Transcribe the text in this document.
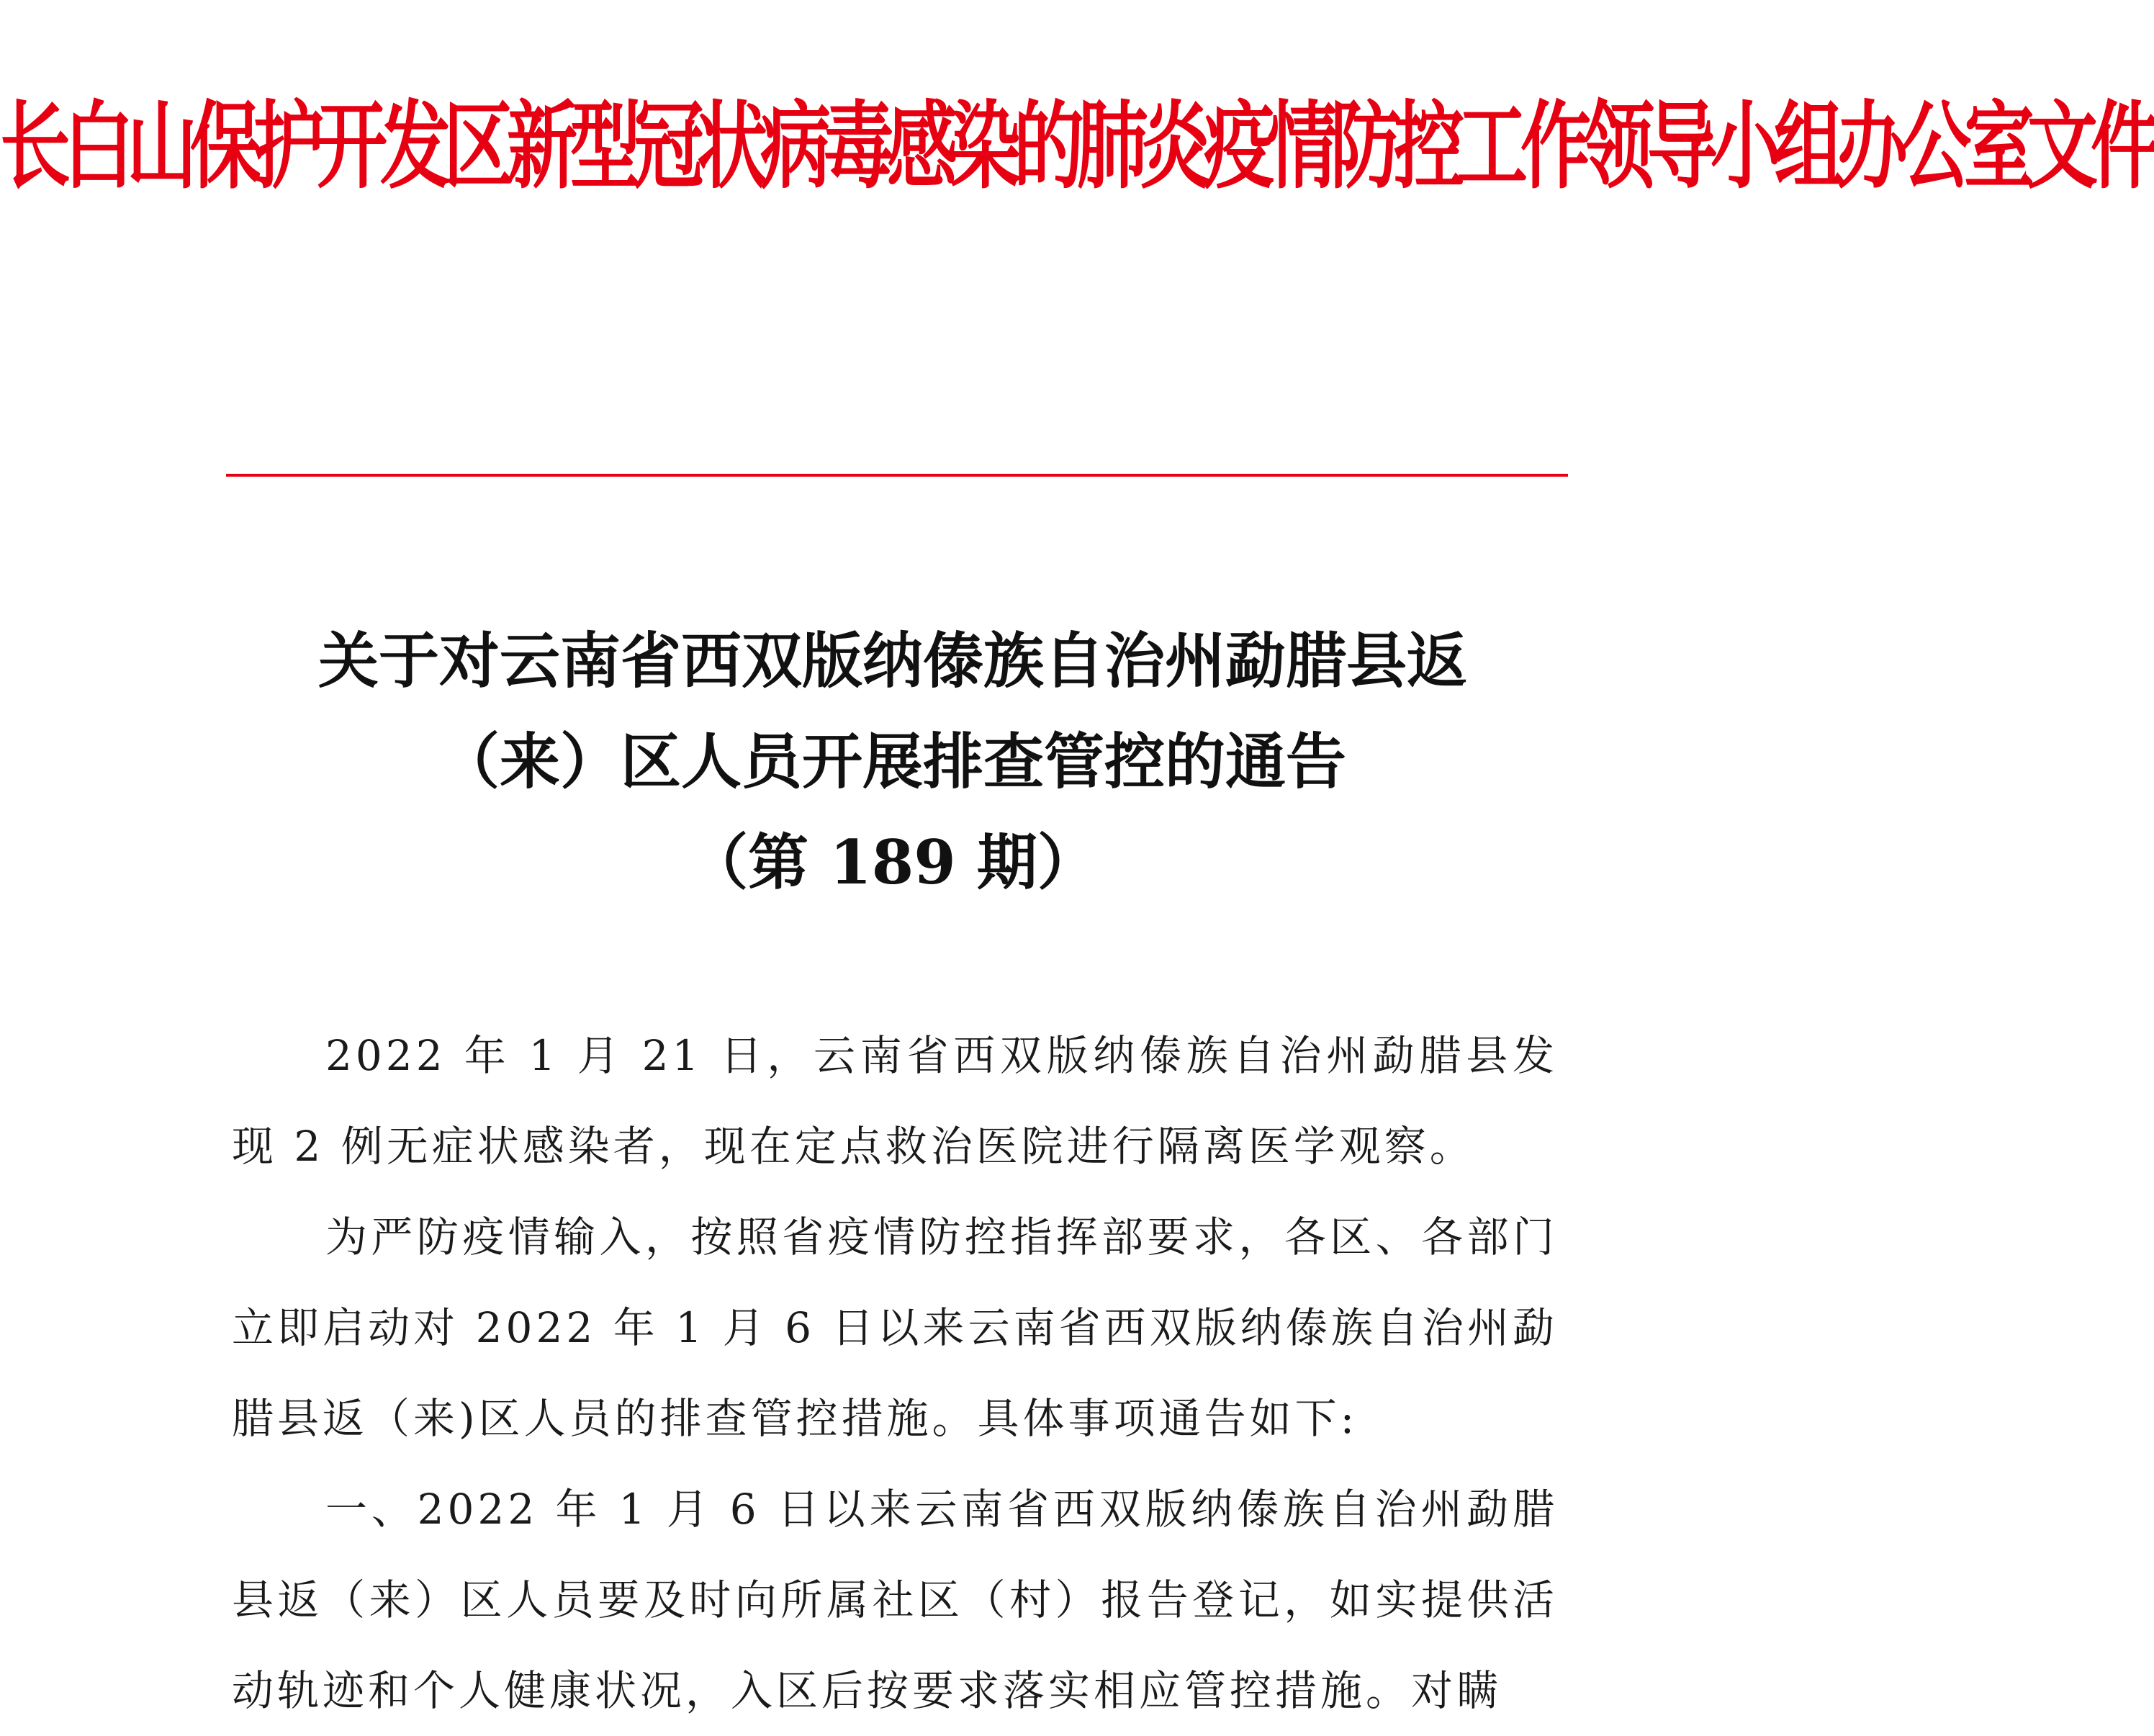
长白山保护开发区新型冠状病毒感染的肺炎疫情防控工作领导小组办公室文件
关于对云南省西双版纳傣族自治州勐腊县返
（来）区人员开展排查管控的通告
（第 189 期）

2022 年 1 月 21 日，云南省西双版纳傣族自治州勐腊县发现 2 例无症状感染者，现在定点救治医院进行隔离医学观察。

为严防疫情输入，按照省疫情防控指挥部要求，各区、各部门立即启动对 2022 年 1 月 6 日以来云南省西双版纳傣族自治州勐腊县返（来)区人员的排查管控措施。具体事项通告如下:

一、2022 年 1 月 6 日以来云南省西双版纳傣族自治州勐腊县返（来）区人员要及时向所属社区（村）报告登记，如实提供活动轨迹和个人健康状况，入区后按要求落实相应管控措施。对瞒
